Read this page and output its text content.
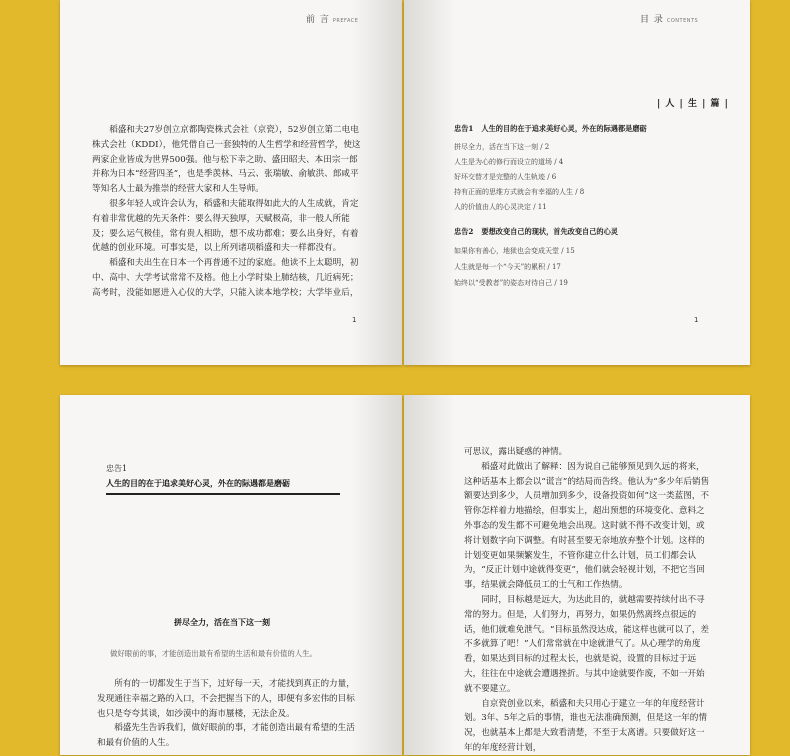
前 言 PREFACE

稻盛和夫27岁创立京都陶瓷株式会社（京瓷），52岁创立第二电电株式会社（KDDI），他凭借自己一套独特的人生哲学和经营哲学，使这两家企业皆成为世界500强。他与松下幸之助、盛田昭夫、本田宗一郎并称为日本“经营四圣”，也是季羡林、马云、张瑞敏、俞敏洪、郎咸平等知名人士最为推崇的经营大家和人生导师。

很多年轻人或许会认为，稻盛和夫能取得如此大的人生成就，肯定有着非常优越的先天条件：要么得天独厚，天赋极高，非一般人所能及；要么运气极佳，常有贵人相助，想不成功都难；要么出身好，有着优越的创业环境。可事实是，以上所列诸项稻盛和夫一样都没有。

稻盛和夫出生在日本一个再普通不过的家庭。他读不上太聪明，初中、高中、大学考试常常不及格。他上小学时染上肺结核，几近病死；高考时，没能如愿进入心仪的大学，只能入读本地学校；大学毕业后，

1
目 录 CONTENTS
| 人 | 生 | 篇 |
忠告1 人生的目的在于追求美好心灵，外在的际遇都是磨砺
拼尽全力，活在当下这一刻 / 2
人生是为心的修行而设立的道场 / 4
好坏交替才是完整的人生轨迹 / 6
持有正面的思维方式就会有幸福的人生 / 8
人的价值由人的心灵决定 / 11
忠告2 要想改变自己的现状，首先改变自己的心灵
如果你有善心，地狱也会变成天堂 / 15
人生就是每一个“今天”的累积 / 17
始终以“受教者”的姿态对待自己 / 19
1
忠告1
人生的目的在于追求美好心灵，外在的际遇都是磨砺
拼尽全力，活在当下这一刻
做好眼前的事，才能创造出最有希望的生活和最有价值的人生。

所有的一切都发生于当下，过好每一天，才能找到真正的力量，发现通往幸福之路的入口，不会把握当下的人，即便有多宏伟的目标也只是夸夸其谈，如沙漠中的海市蜃楼，无法企及。

稻盛先生告诉我们，做好眼前的事，才能创造出最有希望的生活和最有价值的人生。

可思议，露出疑惑的神情。

稻盛对此做出了解释：因为说自己能够预见到久远的将来，这种话基本上都会以“谎言”的结局而告终。他认为“多少年后销售额要达到多少，人员增加到多少，设备投资如何”这一类蓝图，不管你怎样着力地描绘，但事实上，超出预想的环境变化、意料之外事态的发生都不可避免地会出现。这时就不得不改变计划，或将计划数字向下调整。有时甚至要无奈地放弃整个计划。这样的计划变更如果频繁发生，不管你建立什么计划，员工们都会认为，“反正计划中途就得变更”，他们就会轻视计划，不把它当回事，结果就会降低员工的士气和工作热情。

同时，目标越是远大，为达此目的，就越需要持续付出不寻常的努力。但是，人们努力，再努力，如果仍然离终点很远的话，他们就难免泄气。“目标虽然没达成，能这样也就可以了，差不多就算了吧！”人们常常就在中途就泄气了。从心理学的角度看，如果达到目标的过程太长，也就是说，设置的目标过于远大，往往在中途就会遭遇挫折。与其中途就要作废，不如一开始就不要建立。

自京瓷创业以来，稻盛和夫只用心于建立一年的年度经营计划。3年、5年之后的事情，谁也无法准确预测，但是这一年的情况，也就基本上都是大致看清楚，不至于太离谱。只要做好这一年的年度经营计划，
